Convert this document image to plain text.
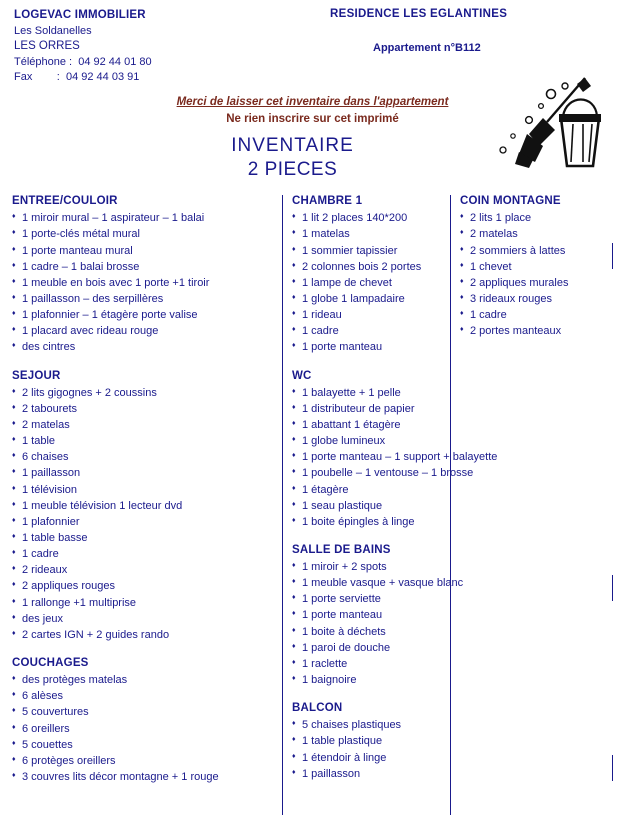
LOGEVAC IMMOBILIER
Les Soldanelles
LES ORRES
Téléphone :  04 92 44 01 80
Fax        :  04 92 44 03 91
RESIDENCE LES EGLANTINES
Appartement n°B112
Merci de laisser cet inventaire dans l'appartement
Ne rien inscrire sur cet imprimé
INVENTAIRE
2 PIECES
ENTREE/COULOIR
♦ 1 miroir mural – 1 aspirateur – 1 balai
♦ 1 porte-clés métal mural
♦ 1 porte manteau mural
♦ 1 cadre – 1 balai brosse
♦ 1 meuble en bois avec 1 porte +1 tiroir
♦ 1 paillasson – des serpillères
♦ 1 plafonnier – 1 étagère porte valise
♦ 1 placard avec rideau rouge
♦ des cintres
SEJOUR
♦ 2 lits gigognes + 2 coussins
♦ 2 tabourets
♦ 2 matelas
♦ 1 table
♦ 6 chaises
♦ 1 paillasson
♦ 1 télévision
♦ 1 meuble télévision 1 lecteur dvd
♦ 1 plafonnier
♦ 1 table basse
♦ 1 cadre
♦ 2 rideaux
♦ 2 appliques rouges
♦ 1 rallonge +1 multiprise
♦ des jeux
♦ 2 cartes IGN + 2 guides rando
COUCHAGES
♦ des protèges matelas
♦ 6 alèses
♦ 5 couvertures
♦ 6 oreillers
♦ 5 couettes
♦ 6 protèges oreillers
♦ 3 couvres lits décor montagne + 1 rouge
CHAMBRE 1
♦ 1 lit 2 places 140*200
♦ 1 matelas
♦ 1 sommier tapissier
♦ 2 colonnes bois 2 portes
♦ 1 lampe de chevet
♦ 1 globe 1 lampadaire
♦ 1 rideau
♦ 1 cadre
♦ 1 porte manteau
WC
♦ 1 balayette + 1 pelle
♦ 1 distributeur de papier
♦ 1 abattant 1 étagère
♦ 1 globe lumineux
♦ 1 porte manteau – 1 support + balayette
♦ 1 poubelle – 1 ventouse – 1 brosse
♦ 1 étagère
♦ 1 seau plastique
♦ 1 boite épingles à linge
SALLE DE BAINS
♦ 1 miroir + 2 spots
♦ 1 meuble vasque + vasque blanc
♦ 1 porte serviette
♦ 1 porte manteau
♦ 1 boite à déchets
♦ 1 paroi de douche
♦ 1 raclette
♦ 1 baignoire
BALCON
♦ 5 chaises plastiques
♦ 1 table plastique
♦ 1 étendoir à linge
♦ 1 paillasson
COIN MONTAGNE
♦ 2 lits 1 place
♦ 2 matelas
♦ 2 sommiers à lattes
♦ 1 chevet
♦ 2 appliques murales
♦ 3 rideaux rouges
♦ 1 cadre
♦ 2 portes manteaux
